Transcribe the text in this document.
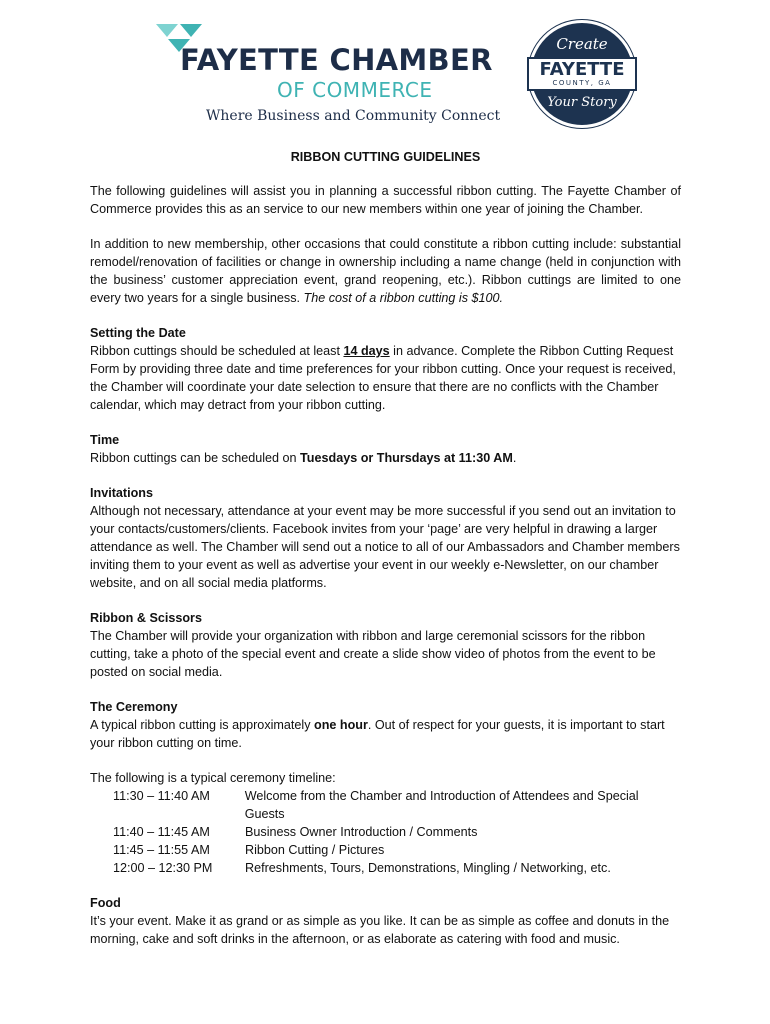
FAYETTE CHAMBER
OF COMMERCE
Where Business and Community Connect
Create
FAYETTE
COUNTY, GA
Your Story
RIBBON CUTTING GUIDELINES

The following guidelines will assist you in planning a successful ribbon cutting. The Fayette Chamber of Commerce provides this as an service to our new members within one year of joining the Chamber.

In addition to new membership, other occasions that could constitute a ribbon cutting include: substantial remodel/renovation of facilities or change in ownership including a name change (held in conjunction with the business’ customer appreciation event, grand reopening, etc.). Ribbon cuttings are limited to one every two years for a single business. The cost of a ribbon cutting is $100.

Setting the Date

Ribbon cuttings should be scheduled at least 14 days in advance. Complete the Ribbon Cutting Request Form by providing three date and time preferences for your ribbon cutting. Once your request is received, the Chamber will coordinate your date selection to ensure that there are no conflicts with the Chamber calendar, which may detract from your ribbon cutting.

Time

Ribbon cuttings can be scheduled on Tuesdays or Thursdays at 11:30 AM.

Invitations

Although not necessary, attendance at your event may be more successful if you send out an invitation to your contacts/customers/clients. Facebook invites from your ‘page’ are very helpful in drawing a larger attendance as well. The Chamber will send out a notice to all of our Ambassadors and Chamber members inviting them to your event as well as advertise your event in our weekly e-Newsletter, on our chamber website, and on all social media platforms.

Ribbon & Scissors

The Chamber will provide your organization with ribbon and large ceremonial scissors for the ribbon cutting, take a photo of the special event and create a slide show video of photos from the event to be posted on social media.

The Ceremony

A typical ribbon cutting is approximately one hour. Out of respect for your guests, it is important to start your ribbon cutting on time.

The following is a typical ceremony timeline:

11:30 – 11:40 AM	Welcome from the Chamber and Introduction of Attendees and Special Guests
11:40 – 11:45 AM	Business Owner Introduction / Comments
11:45 – 11:55 AM	Ribbon Cutting / Pictures
12:00 – 12:30 PM	Refreshments, Tours, Demonstrations, Mingling / Networking, etc.
Food

It’s your event. Make it as grand or as simple as you like. It can be as simple as coffee and donuts in the morning, cake and soft drinks in the afternoon, or as elaborate as catering with food and music.
